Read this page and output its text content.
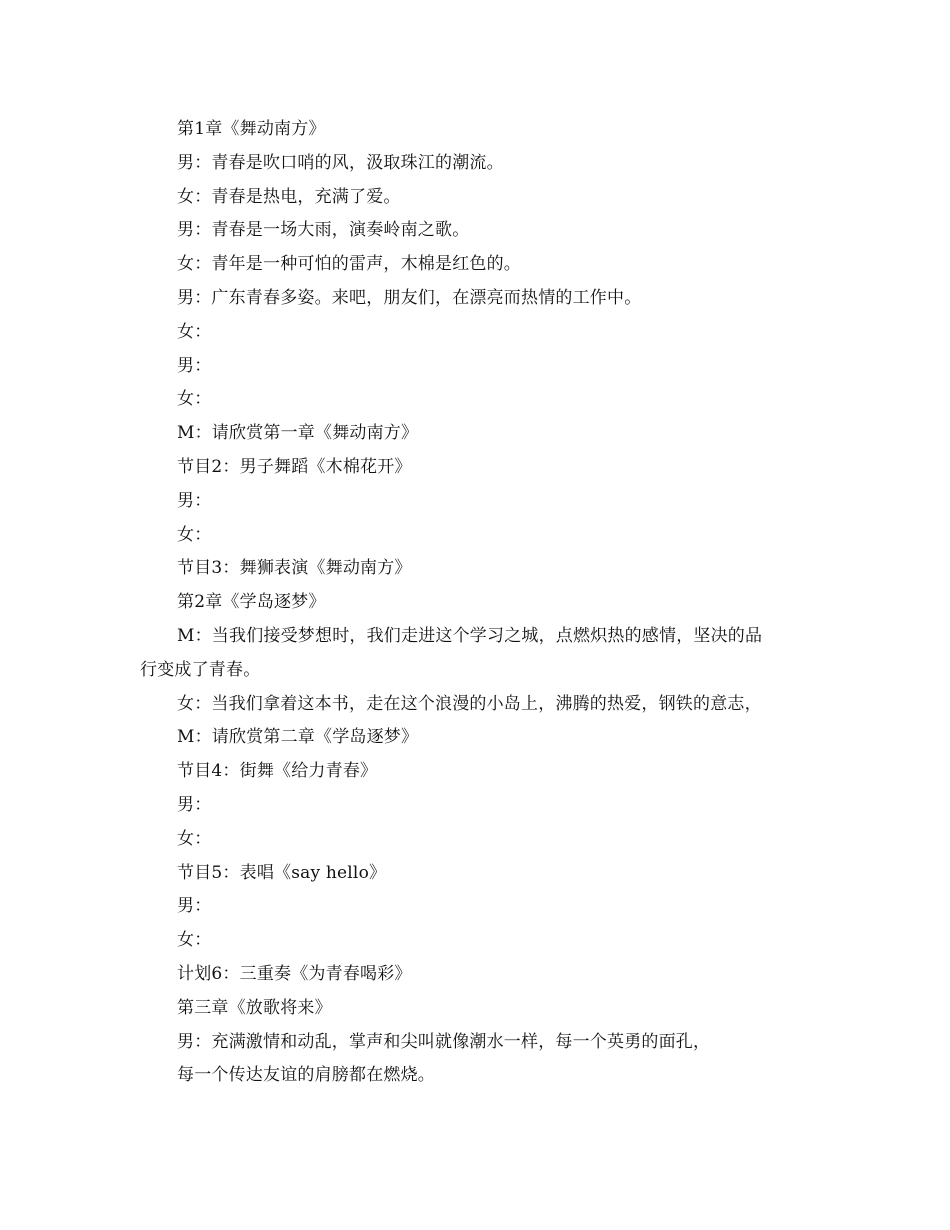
第1章《舞动南方》
男：青春是吹口哨的风，汲取珠江的潮流。
女：青春是热电，充满了爱。
男：青春是一场大雨，演奏岭南之歌。
女：青年是一种可怕的雷声，木棉是红色的。
男：广东青春多姿。来吧，朋友们，在漂亮而热情的工作中。
女：
男：
女：
M：请欣赏第一章《舞动南方》
节目2：男子舞蹈《木棉花开》
男：
女：
节目3：舞狮表演《舞动南方》
第2章《学岛逐梦》
M：当我们接受梦想时，我们走进这个学习之城，点燃炽热的感情，坚决的品
行变成了青春。
女：当我们拿着这本书，走在这个浪漫的小岛上，沸腾的热爱，钢铁的意志，
M：请欣赏第二章《学岛逐梦》
节目4：街舞《给力青春》
男：
女：
节目5：表唱《say hello》
男：
女：
计划6：三重奏《为青春喝彩》
第三章《放歌将来》
男：充满激情和动乱，掌声和尖叫就像潮水一样，每一个英勇的面孔，
每一个传达友谊的肩膀都在燃烧。
